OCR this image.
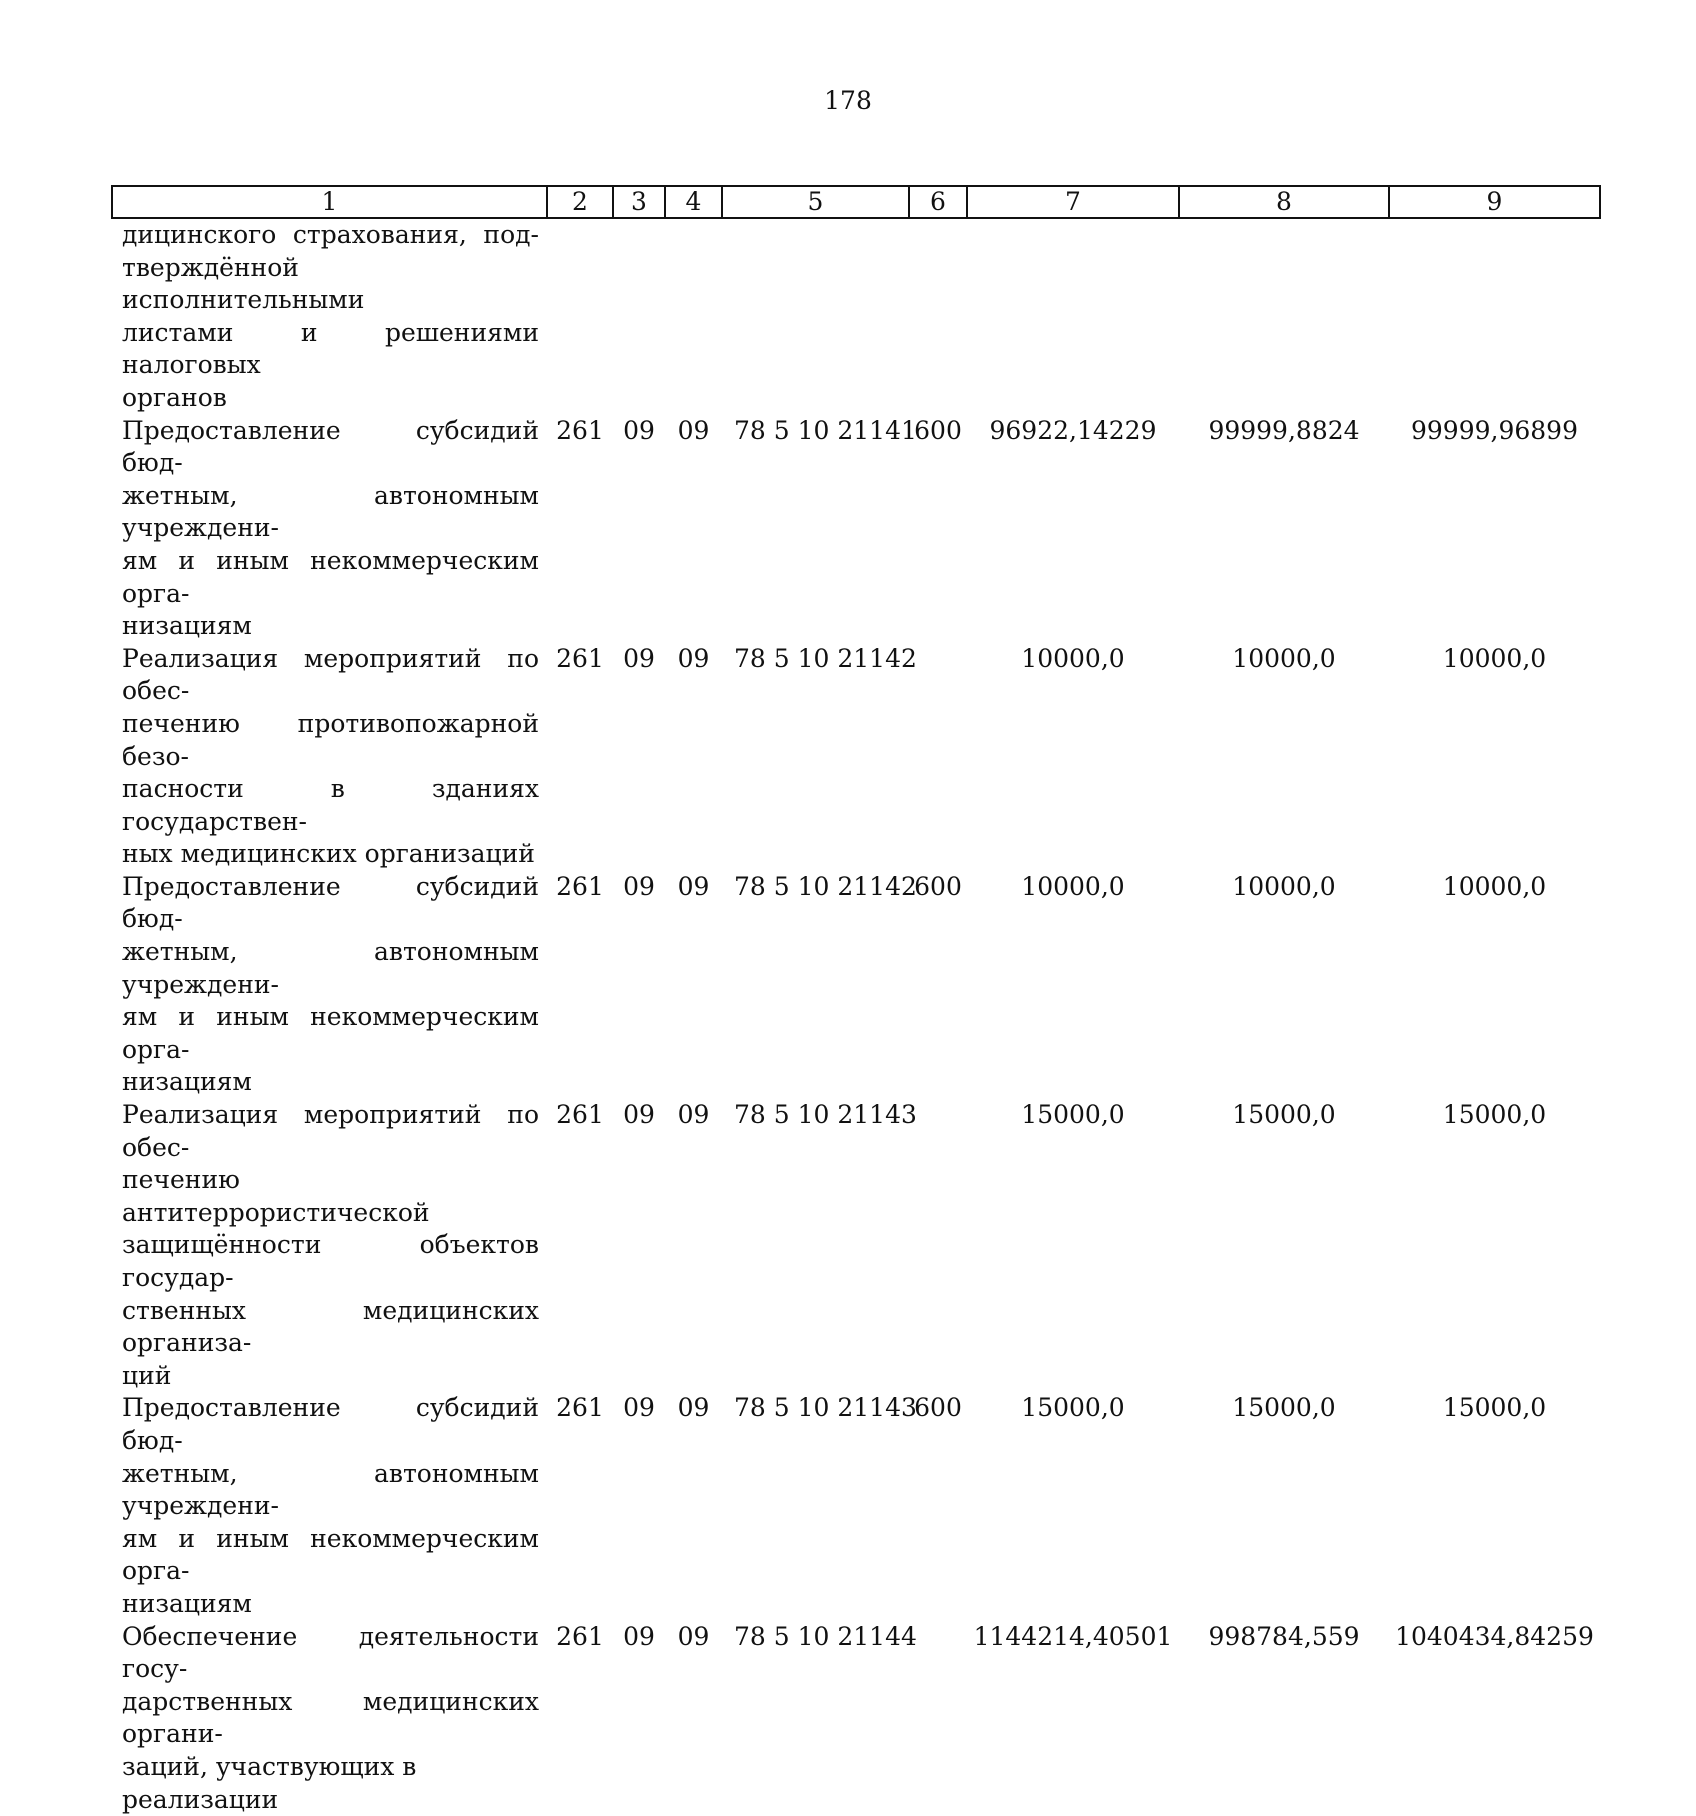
178
1	2	3	4	5	6	7	8	9

дицинского страхования, под-
тверждённой исполнительными
листами и решениями налоговых
органов								

Предоставление субсидий бюд-
жетным, автономным учреждени-
ям и иным некоммерческим орга-
низациям	261	09	09	78 5 10 21141	600	96922,14229	99999,8824	99999,96899

Реализация мероприятий по обес-
печению противопожарной безо-
пасности в зданиях государствен-
ных медицинских организаций	261	09	09	78 5 10 21142		10000,0	10000,0	10000,0

Предоставление субсидий бюд-
жетным, автономным учреждени-
ям и иным некоммерческим орга-
низациям	261	09	09	78 5 10 21142	600	10000,0	10000,0	10000,0

Реализация мероприятий по обес-
печению антитеррористической
защищённости объектов государ-
ственных медицинских организа-
ций	261	09	09	78 5 10 21143		15000,0	15000,0	15000,0

Предоставление субсидий бюд-
жетным, автономным учреждени-
ям и иным некоммерческим орга-
низациям	261	09	09	78 5 10 21143	600	15000,0	15000,0	15000,0

Обеспечение деятельности госу-
дарственных медицинских органи-
заций, участвующих в реализации	261	09	09	78 5 10 21144		1144214,40501	998784,559	1040434,84259
